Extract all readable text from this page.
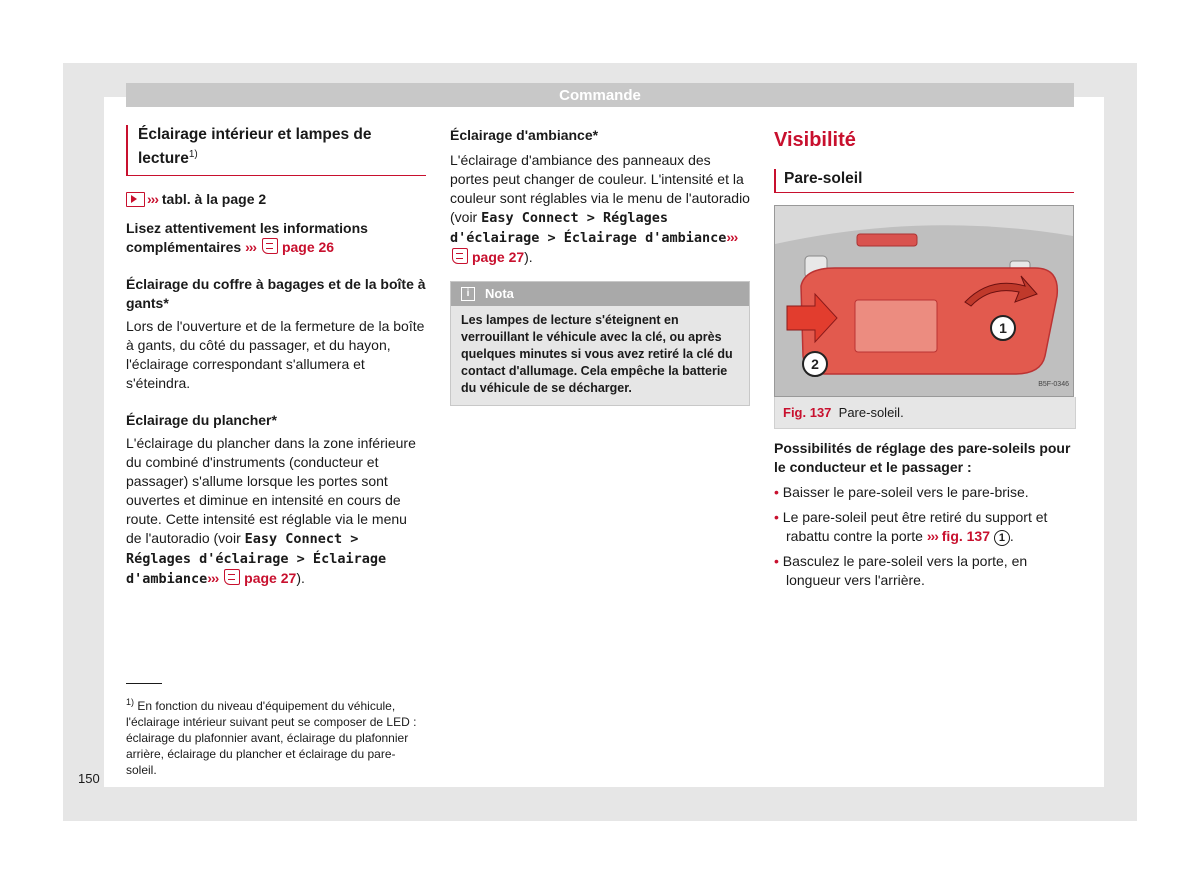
Commande
Éclairage intérieur et lampes de lecture$^{1)}$
›››
tabl. à la page 2

Lisez attentivement les informations complémentaires ››› page 26

Éclairage du coffre à bagages et de la boîte à gants*

Lors de l'ouverture et de la fermeture de la boîte à gants, du côté du passager, et du hayon, l'éclairage correspondant s'allumera et s'éteindra.

Éclairage du plancher*

L'éclairage du plancher dans la zone inférieure du combiné d'instruments (conducteur et passager) s'allume lorsque les portes sont ouvertes et diminue en intensité en cours de route. Cette intensité est réglable via le menu de l'autoradio (voir Easy Connect > Réglages d'éclairage > Éclairage d'ambiance››› page 27).

$^{1)}$ En fonction du niveau d'équipement du véhicule, l'éclairage intérieur suivant peut se composer de LED : éclairage du plafonnier avant, éclairage du plafonnier arrière, éclairage du plancher et éclairage du pare-soleil.
150

Éclairage d'ambiance*

L'éclairage d'ambiance des panneaux des portes peut changer de couleur. L'intensité et la couleur sont réglables via le menu de l'autoradio (voir Easy Connect > Réglages d'éclairage > Éclairage d'ambiance››› page 27).

i	Nota
Les lampes de lecture s'éteignent en verrouillant le véhicule avec la clé, ou après quelques minutes si vous avez retiré la clé du contact d'allumage. Cela empêche la batterie du véhicule de se décharger.
Visibilité
Pare-soleil
1
2
B5F-0346
Fig. 137 Pare-soleil.

Possibilités de réglage des pare-soleils pour le conducteur et le passager :

• Baisser le pare-soleil vers le pare-brise.
• Le pare-soleil peut être retiré du support et rabattu contre la porte ››› fig. 137 1 .
• Basculez le pare-soleil vers la porte, en longueur vers l'arrière.
